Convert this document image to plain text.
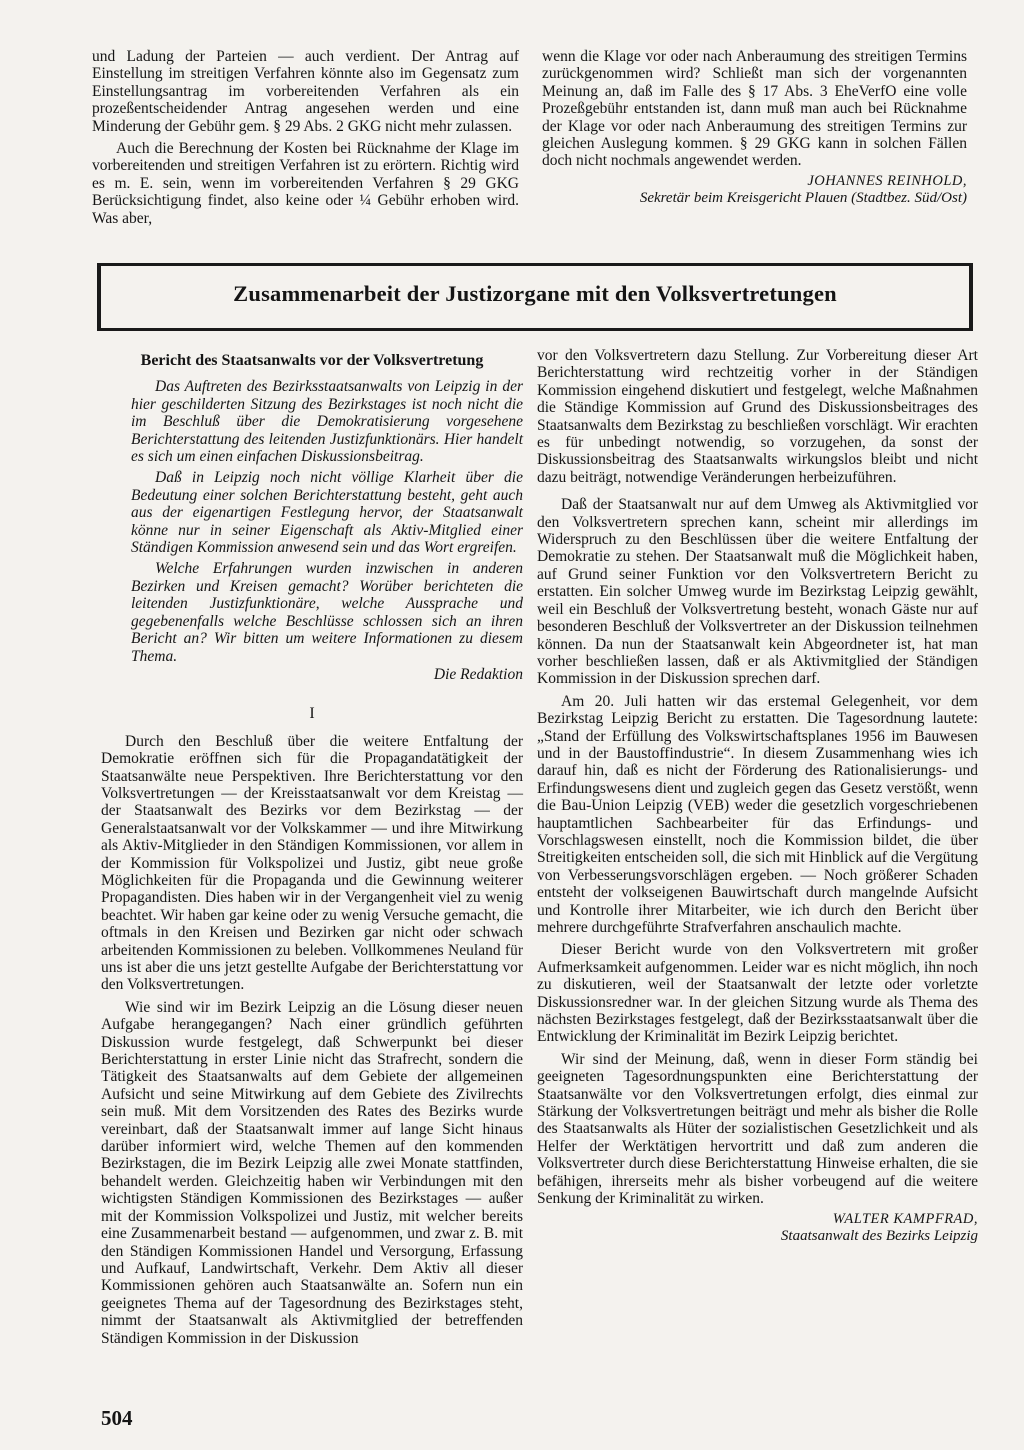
und Ladung der Parteien — auch verdient. Der Antrag auf Einstellung im streitigen Verfahren könnte also im Gegensatz zum Einstellungsantrag im vorbereitenden Verfahren als ein prozeßentscheidender Antrag angesehen werden und eine Minderung der Gebühr gem. § 29 Abs. 2 GKG nicht mehr zulassen.

Auch die Berechnung der Kosten bei Rücknahme der Klage im vorbereitenden und streitigen Verfahren ist zu erörtern. Richtig wird es m. E. sein, wenn im vorbereitenden Verfahren § 29 GKG Berücksichtigung findet, also keine oder ¼ Gebühr erhoben wird. Was aber,

wenn die Klage vor oder nach Anberaumung des streitigen Termins zurückgenommen wird? Schließt man sich der vorgenannten Meinung an, daß im Falle des § 17 Abs. 3 EheVerfO eine volle Prozeßgebühr entstanden ist, dann muß man auch bei Rücknahme der Klage vor oder nach Anberaumung des streitigen Termins zur gleichen Auslegung kommen. § 29 GKG kann in solchen Fällen doch nicht nochmals angewendet werden.

JOHANNES REINHOLD,
Sekretär beim Kreisgericht Plauen (Stadtbez. Süd/Ost)
Zusammenarbeit der Justizorgane mit den Volksvertretungen
Bericht des Staatsanwalts vor der Volksvertretung

Das Auftreten des Bezirksstaatsanwalts von Leipzig in der hier geschilderten Sitzung des Bezirkstages ist noch nicht die im Beschluß über die Demokratisierung vorgesehene Berichterstattung des leitenden Justizfunktionärs. Hier handelt es sich um einen einfachen Diskussionsbeitrag.

Daß in Leipzig noch nicht völlige Klarheit über die Bedeutung einer solchen Berichterstattung besteht, geht auch aus der eigenartigen Festlegung hervor, der Staatsanwalt könne nur in seiner Eigenschaft als Aktiv-Mitglied einer Ständigen Kommission anwesend sein und das Wort ergreifen.

Welche Erfahrungen wurden inzwischen in anderen Bezirken und Kreisen gemacht? Worüber berichteten die leitenden Justizfunktionäre, welche Aussprache und gegebenenfalls welche Beschlüsse schlossen sich an ihren Bericht an? Wir bitten um weitere Informationen zu diesem Thema.

Die Redaktion
I

Durch den Beschluß über die weitere Entfaltung der Demokratie eröffnen sich für die Propagandatätigkeit der Staatsanwälte neue Perspektiven. Ihre Berichterstattung vor den Volksvertretungen — der Kreisstaatsanwalt vor dem Kreistag — der Staatsanwalt des Bezirks vor dem Bezirkstag — der Generalstaatsanwalt vor der Volkskammer — und ihre Mitwirkung als Aktiv-Mitglieder in den Ständigen Kommissionen, vor allem in der Kommission für Volkspolizei und Justiz, gibt neue große Möglichkeiten für die Propaganda und die Gewinnung weiterer Propagandisten. Dies haben wir in der Vergangenheit viel zu wenig beachtet. Wir haben gar keine oder zu wenig Versuche gemacht, die oftmals in den Kreisen und Bezirken gar nicht oder schwach arbeitenden Kommissionen zu beleben. Vollkommenes Neuland für uns ist aber die uns jetzt gestellte Aufgabe der Berichterstattung vor den Volksvertretungen.

Wie sind wir im Bezirk Leipzig an die Lösung dieser neuen Aufgabe herangegangen? Nach einer gründlich geführten Diskussion wurde festgelegt, daß Schwerpunkt bei dieser Berichterstattung in erster Linie nicht das Strafrecht, sondern die Tätigkeit des Staatsanwalts auf dem Gebiete der allgemeinen Aufsicht und seine Mitwirkung auf dem Gebiete des Zivilrechts sein muß. Mit dem Vorsitzenden des Rates des Bezirks wurde vereinbart, daß der Staatsanwalt immer auf lange Sicht hinaus darüber informiert wird, welche Themen auf den kommenden Bezirkstagen, die im Bezirk Leipzig alle zwei Monate stattfinden, behandelt werden. Gleichzeitig haben wir Verbindungen mit den wichtigsten Ständigen Kommissionen des Bezirkstages — außer mit der Kommission Volkspolizei und Justiz, mit welcher bereits eine Zusammenarbeit bestand — aufgenommen, und zwar z. B. mit den Ständigen Kommissionen Handel und Versorgung, Erfassung und Aufkauf, Landwirtschaft, Verkehr. Dem Aktiv all dieser Kommissionen gehören auch Staatsanwälte an. Sofern nun ein geeignetes Thema auf der Tagesordnung des Bezirkstages steht, nimmt der Staatsanwalt als Aktivmitglied der betreffenden Ständigen Kommission in der Diskussion

vor den Volksvertretern dazu Stellung. Zur Vorbereitung dieser Art Berichterstattung wird rechtzeitig vorher in der Ständigen Kommission eingehend diskutiert und festgelegt, welche Maßnahmen die Ständige Kommission auf Grund des Diskussionsbeitrages des Staatsanwalts dem Bezirkstag zu beschließen vorschlägt. Wir erachten es für unbedingt notwendig, so vorzugehen, da sonst der Diskussionsbeitrag des Staatsanwalts wirkungslos bleibt und nicht dazu beiträgt, notwendige Veränderungen herbeizuführen.

Daß der Staatsanwalt nur auf dem Umweg als Aktivmitglied vor den Volksvertretern sprechen kann, scheint mir allerdings im Widerspruch zu den Beschlüssen über die weitere Entfaltung der Demokratie zu stehen. Der Staatsanwalt muß die Möglichkeit haben, auf Grund seiner Funktion vor den Volksvertretern Bericht zu erstatten. Ein solcher Umweg wurde im Bezirkstag Leipzig gewählt, weil ein Beschluß der Volksvertretung besteht, wonach Gäste nur auf besonderen Beschluß der Volksvertreter an der Diskussion teilnehmen können. Da nun der Staatsanwalt kein Abgeordneter ist, hat man vorher beschließen lassen, daß er als Aktivmitglied der Ständigen Kommission in der Diskussion sprechen darf.

Am 20. Juli hatten wir das erstemal Gelegenheit, vor dem Bezirkstag Leipzig Bericht zu erstatten. Die Tagesordnung lautete: „Stand der Erfüllung des Volkswirtschaftsplanes 1956 im Bauwesen und in der Baustoffindustrie“. In diesem Zusammenhang wies ich darauf hin, daß es nicht der Förderung des Rationalisierungs- und Erfindungswesens dient und zugleich gegen das Gesetz verstößt, wenn die Bau-Union Leipzig (VEB) weder die gesetzlich vorgeschriebenen hauptamtlichen Sachbearbeiter für das Erfindungs- und Vorschlagswesen einstellt, noch die Kommission bildet, die über Streitigkeiten entscheiden soll, die sich mit Hinblick auf die Vergütung von Verbesserungsvorschlägen ergeben. — Noch größerer Schaden entsteht der volkseigenen Bauwirtschaft durch mangelnde Aufsicht und Kontrolle ihrer Mitarbeiter, wie ich durch den Bericht über mehrere durchgeführte Strafverfahren anschaulich machte.

Dieser Bericht wurde von den Volksvertretern mit großer Aufmerksamkeit aufgenommen. Leider war es nicht möglich, ihn noch zu diskutieren, weil der Staatsanwalt der letzte oder vorletzte Diskussionsredner war. In der gleichen Sitzung wurde als Thema des nächsten Bezirkstages festgelegt, daß der Bezirksstaatsanwalt über die Entwicklung der Kriminalität im Bezirk Leipzig berichtet.

Wir sind der Meinung, daß, wenn in dieser Form ständig bei geeigneten Tagesordnungspunkten eine Berichterstattung der Staatsanwälte vor den Volksvertretungen erfolgt, dies einmal zur Stärkung der Volksvertretungen beiträgt und mehr als bisher die Rolle des Staatsanwalts als Hüter der sozialistischen Gesetzlichkeit und als Helfer der Werktätigen hervortritt und daß zum anderen die Volksvertreter durch diese Berichterstattung Hinweise erhalten, die sie befähigen, ihrerseits mehr als bisher vorbeugend auf die weitere Senkung der Kriminalität zu wirken.

WALTER KAMPFRAD,
Staatsanwalt des Bezirks Leipzig
504
